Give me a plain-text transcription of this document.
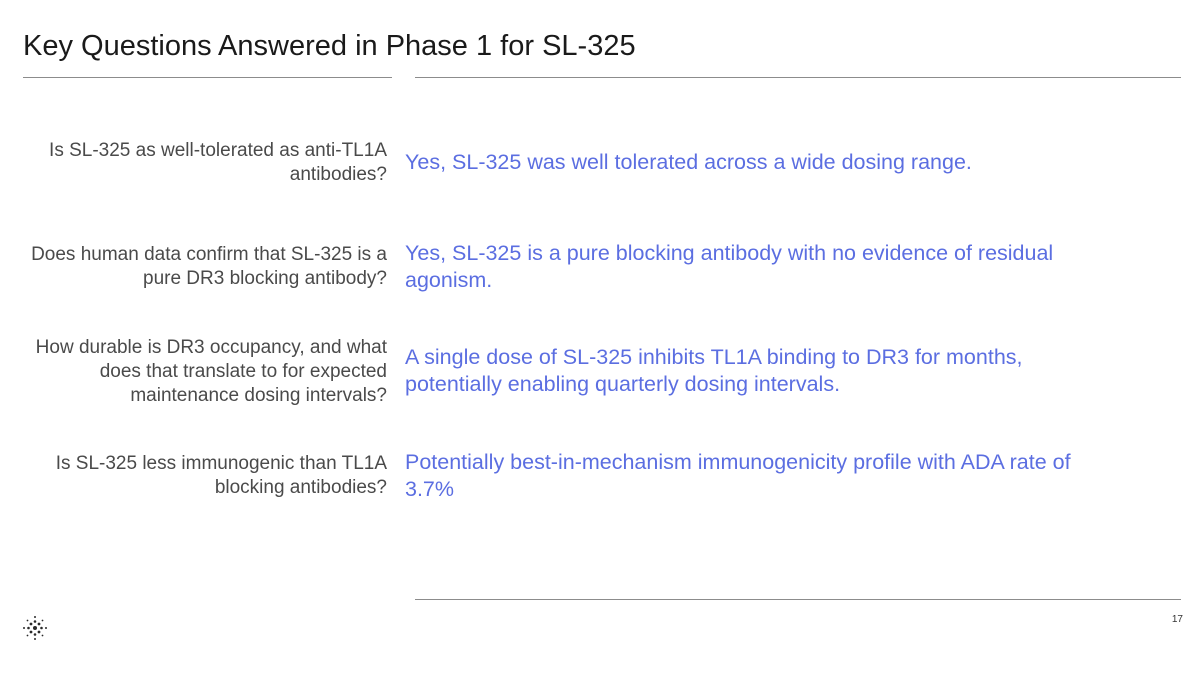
Key Questions Answered in Phase 1 for SL-325
Is SL-325 as well-tolerated as anti-TL1A antibodies?
Yes, SL-325 was well tolerated across a wide dosing range.
Does human data confirm that SL-325 is a pure DR3 blocking antibody?
Yes, SL-325 is a pure blocking antibody with no evidence of residual agonism.
How durable is DR3 occupancy, and what does that translate to for expected maintenance dosing intervals?
A single dose of SL-325 inhibits TL1A binding to DR3 for months, potentially enabling quarterly dosing intervals.
Is SL-325 less immunogenic than TL1A blocking antibodies?
Potentially best-in-mechanism immunogenicity profile with ADA rate of 3.7%
17
